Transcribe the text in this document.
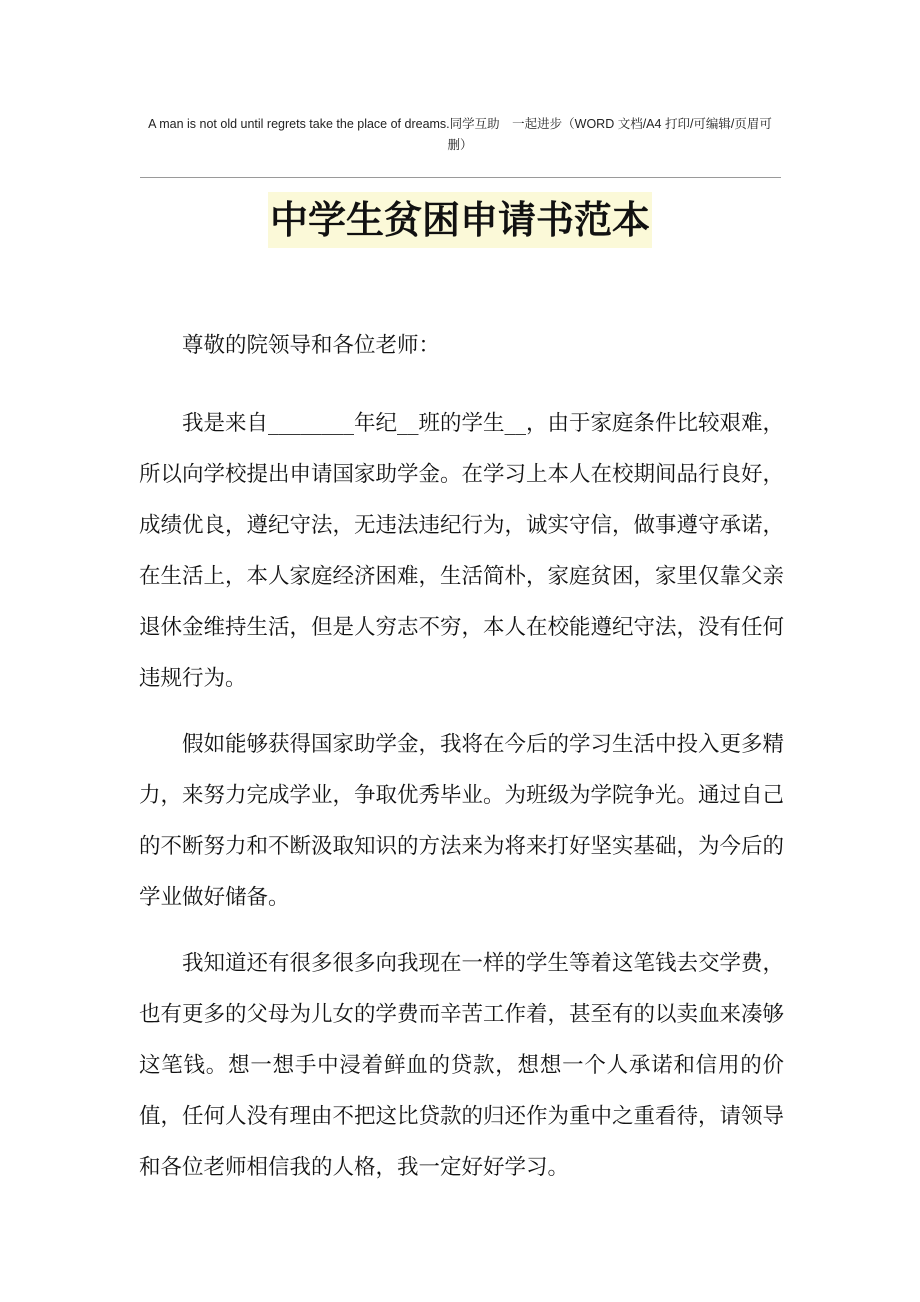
A man is not old until regrets take the place of dreams.同学互助　一起进步（WORD 文档/A4 打印/可编辑/页眉可删）
中学生贫困申请书范本

尊敬的院领导和各位老师：

我是来自________年纪__班的学生__，由于家庭条件比较艰难，所以向学校提出申请国家助学金。在学习上本人在校期间品行良好，成绩优良，遵纪守法，无违法违纪行为，诚实守信，做事遵守承诺，在生活上，本人家庭经济困难，生活简朴，家庭贫困，家里仅靠父亲退休金维持生活，但是人穷志不穷，本人在校能遵纪守法，没有任何违规行为。

假如能够获得国家助学金，我将在今后的学习生活中投入更多精力，来努力完成学业，争取优秀毕业。为班级为学院争光。通过自己的不断努力和不断汲取知识的方法来为将来打好坚实基础，为今后的学业做好储备。

我知道还有很多很多向我现在一样的学生等着这笔钱去交学费，也有更多的父母为儿女的学费而辛苦工作着，甚至有的以卖血来凑够这笔钱。想一想手中浸着鲜血的贷款，想想一个人承诺和信用的价值，任何人没有理由不把这比贷款的归还作为重中之重看待，请领导和各位老师相信我的人格，我一定好好学习。
